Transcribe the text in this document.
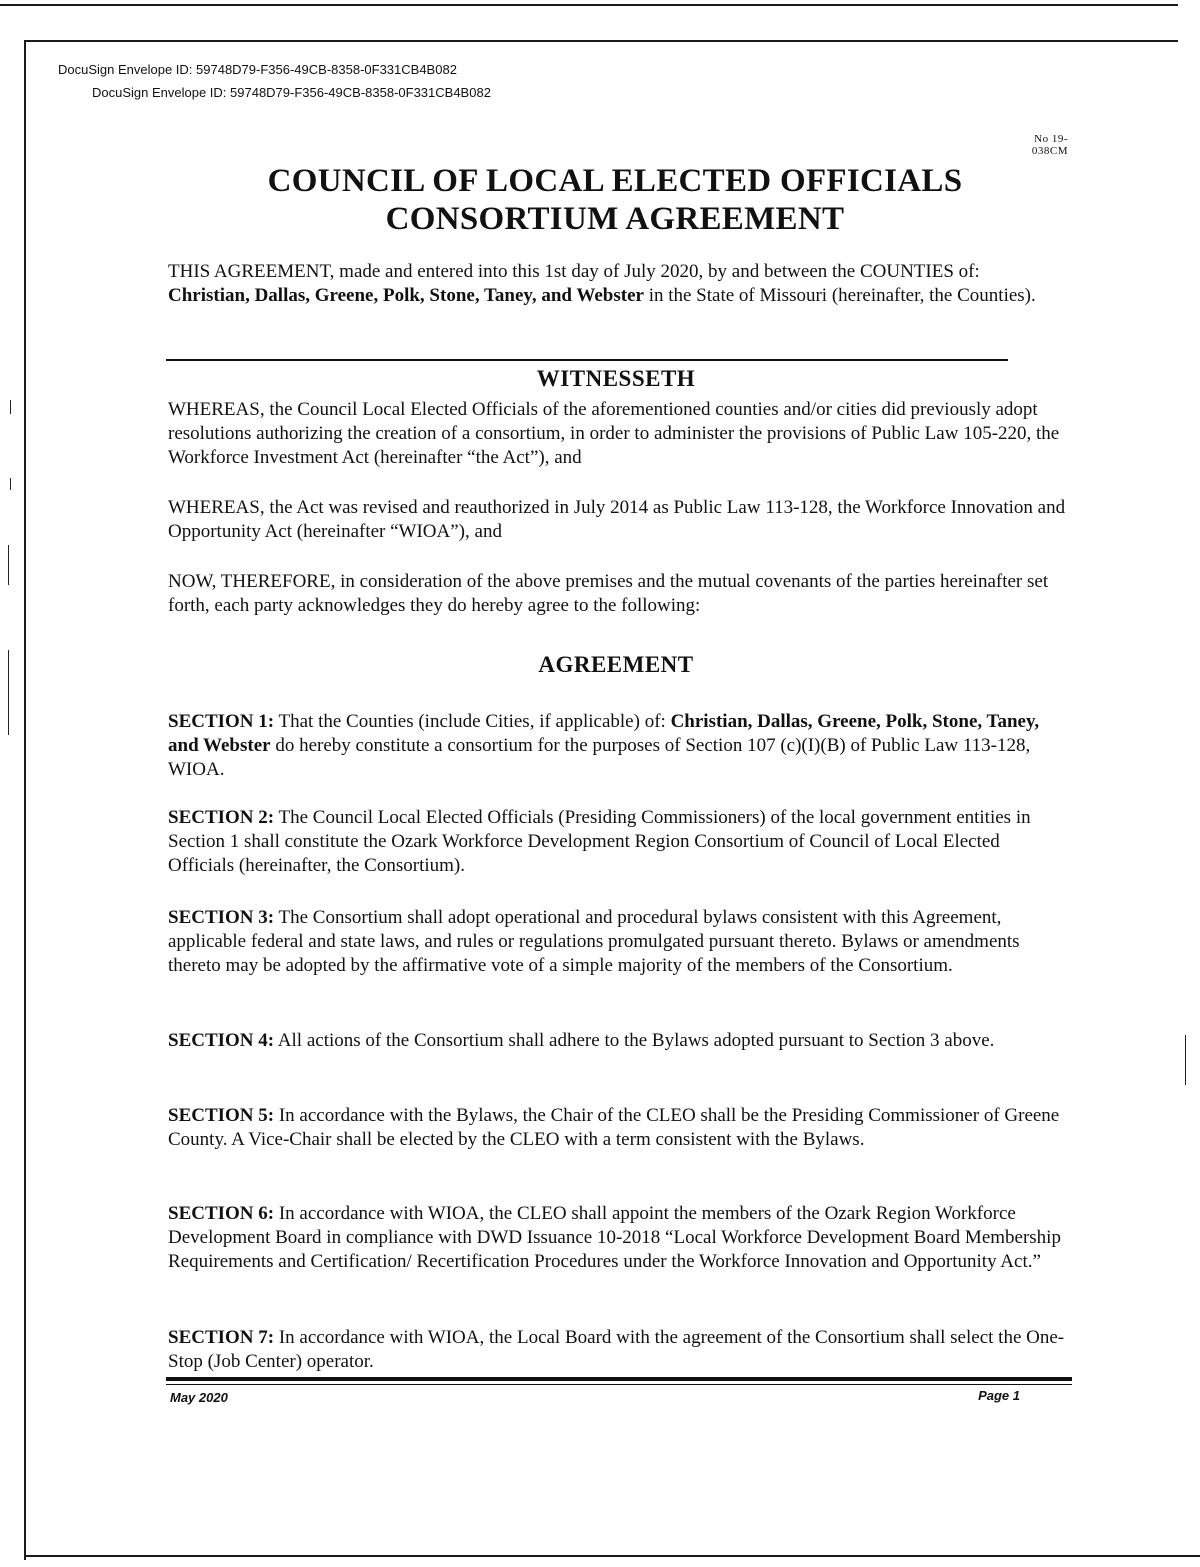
DocuSign Envelope ID: 59748D79-F356-49CB-8358-0F331CB4B082
DocuSign Envelope ID: 59748D79-F356-49CB-8358-0F331CB4B082
No 19-038CM
COUNCIL OF LOCAL ELECTED OFFICIALS
CONSORTIUM AGREEMENT
THIS AGREEMENT, made and entered into this 1st day of July 2020, by and between the COUNTIES of: Christian, Dallas, Greene, Polk, Stone, Taney, and Webster in the State of Missouri (hereinafter, the Counties).
WITNESSETH
WHEREAS, the Council Local Elected Officials of the aforementioned counties and/or cities did previously adopt resolutions authorizing the creation of a consortium, in order to administer the provisions of Public Law 105-220, the Workforce Investment Act (hereinafter “the Act”), and
WHEREAS, the Act was revised and reauthorized in July 2014 as Public Law 113-128, the Workforce Innovation and Opportunity Act (hereinafter “WIOA”), and
NOW, THEREFORE, in consideration of the above premises and the mutual covenants of the parties hereinafter set forth, each party acknowledges they do hereby agree to the following:
AGREEMENT
SECTION 1: That the Counties (include Cities, if applicable) of: Christian, Dallas, Greene, Polk, Stone, Taney, and Webster do hereby constitute a consortium for the purposes of Section 107 (c)(I)(B) of Public Law 113-128, WIOA.
SECTION 2: The Council Local Elected Officials (Presiding Commissioners) of the local government entities in Section 1 shall constitute the Ozark Workforce Development Region Consortium of Council of Local Elected Officials (hereinafter, the Consortium).
SECTION 3: The Consortium shall adopt operational and procedural bylaws consistent with this Agreement, applicable federal and state laws, and rules or regulations promulgated pursuant thereto. Bylaws or amendments thereto may be adopted by the affirmative vote of a simple majority of the members of the Consortium.
SECTION 4: All actions of the Consortium shall adhere to the Bylaws adopted pursuant to Section 3 above.
SECTION 5: In accordance with the Bylaws, the Chair of the CLEO shall be the Presiding Commissioner of Greene County. A Vice-Chair shall be elected by the CLEO with a term consistent with the Bylaws.
SECTION 6: In accordance with WIOA, the CLEO shall appoint the members of the Ozark Region Workforce Development Board in compliance with DWD Issuance 10-2018 “Local Workforce Development Board Membership Requirements and Certification/ Recertification Procedures under the Workforce Innovation and Opportunity Act.”
SECTION 7: In accordance with WIOA, the Local Board with the agreement of the Consortium shall select the One-Stop (Job Center) operator.
May 2020	Page 1
